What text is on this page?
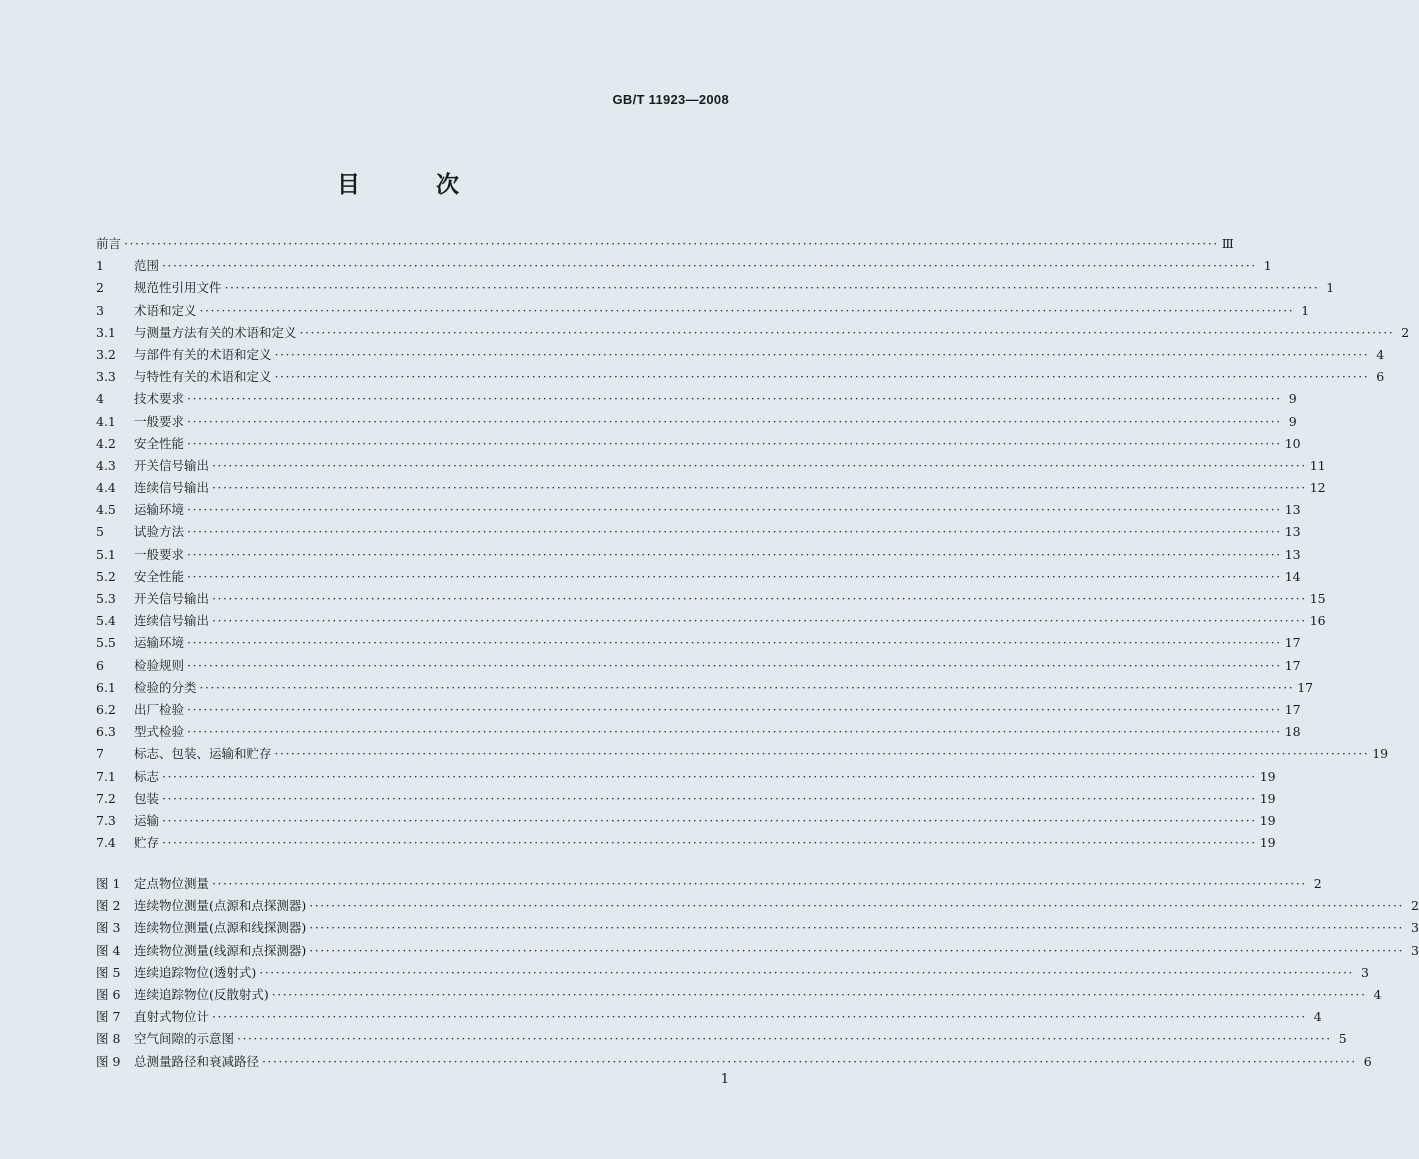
GB/T 11923—2008
目 次
前言 ········································································································································································································ Ⅲ
1	范围 ········································································································································································································ 1
2	规范性引用文件 ········································································································································································································ 1
3	术语和定义 ········································································································································································································ 1
3.1	与测量方法有关的术语和定义 ········································································································································································································ 2
3.2	与部件有关的术语和定义 ········································································································································································································ 4
3.3	与特性有关的术语和定义 ········································································································································································································ 6
4	技术要求 ········································································································································································································ 9
4.1	一般要求 ········································································································································································································ 9
4.2	安全性能 ········································································································································································································ 10
4.3	开关信号输出 ········································································································································································································ 11
4.4	连续信号输出 ········································································································································································································ 12
4.5	运输环境 ········································································································································································································ 13
5	试验方法 ········································································································································································································ 13
5.1	一般要求 ········································································································································································································ 13
5.2	安全性能 ········································································································································································································ 14
5.3	开关信号输出 ········································································································································································································ 15
5.4	连续信号输出 ········································································································································································································ 16
5.5	运输环境 ········································································································································································································ 17
6	检验规则 ········································································································································································································ 17
6.1	检验的分类 ········································································································································································································ 17
6.2	出厂检验 ········································································································································································································ 17
6.3	型式检验 ········································································································································································································ 18
7	标志、包装、运输和贮存 ········································································································································································································ 19
7.1	标志 ········································································································································································································ 19
7.2	包装 ········································································································································································································ 19
7.3	运输 ········································································································································································································ 19
7.4	贮存 ········································································································································································································ 19
图 1	定点物位测量 ········································································································································································································ 2
图 2	连续物位测量(点源和点探测器) ········································································································································································································ 2
图 3	连续物位测量(点源和线探测器) ········································································································································································································ 3
图 4	连续物位测量(线源和点探测器) ········································································································································································································ 3
图 5	连续追踪物位(透射式) ········································································································································································································ 3
图 6	连续追踪物位(反散射式) ········································································································································································································ 4
图 7	直射式物位计 ········································································································································································································ 4
图 8	空气间隙的示意图 ········································································································································································································ 5
图 9	总测量路径和衰减路径 ········································································································································································································ 6
1
